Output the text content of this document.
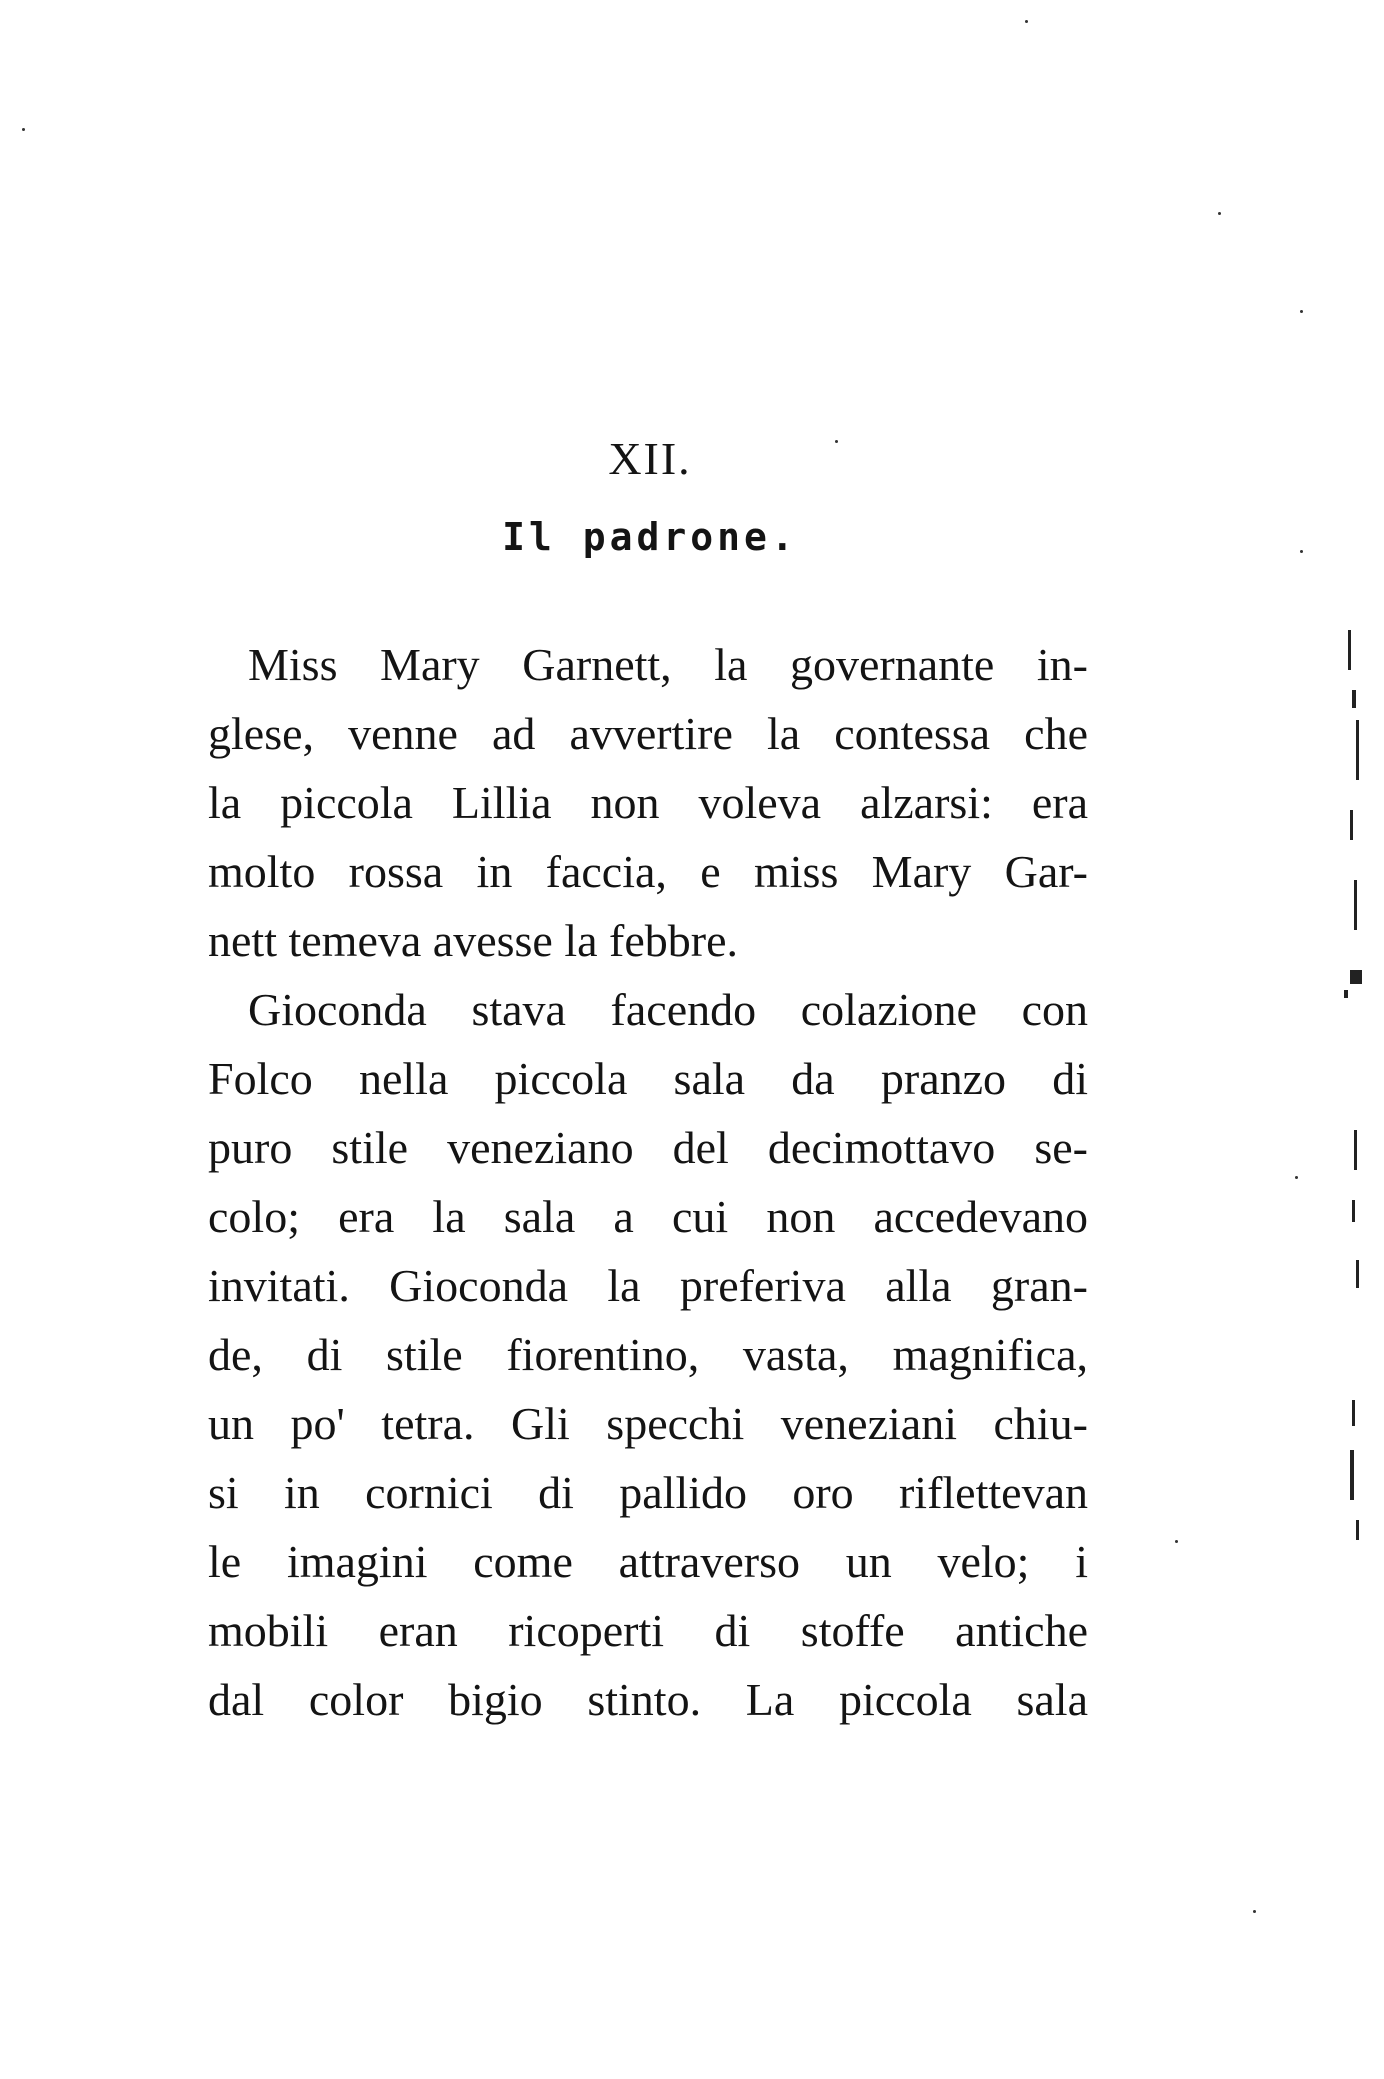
XII.
Il padrone.
Miss Mary Garnett, la governante in-
glese, venne ad avvertire la contessa che
la piccola Lillia non voleva alzarsi: era
molto rossa in faccia, e miss Mary Gar-
nett temeva avesse la febbre.
Gioconda stava facendo colazione con
Folco nella piccola sala da pranzo di
puro stile veneziano del decimottavo se-
colo; era la sala a cui non accedevano
invitati. Gioconda la preferiva alla gran-
de, di stile fiorentino, vasta, magnifica,
un po' tetra. Gli specchi veneziani chiu-
si in cornici di pallido oro riflettevan
le imagini come attraverso un velo; i
mobili eran ricoperti di stoffe antiche
dal color bigio stinto. La piccola sala
